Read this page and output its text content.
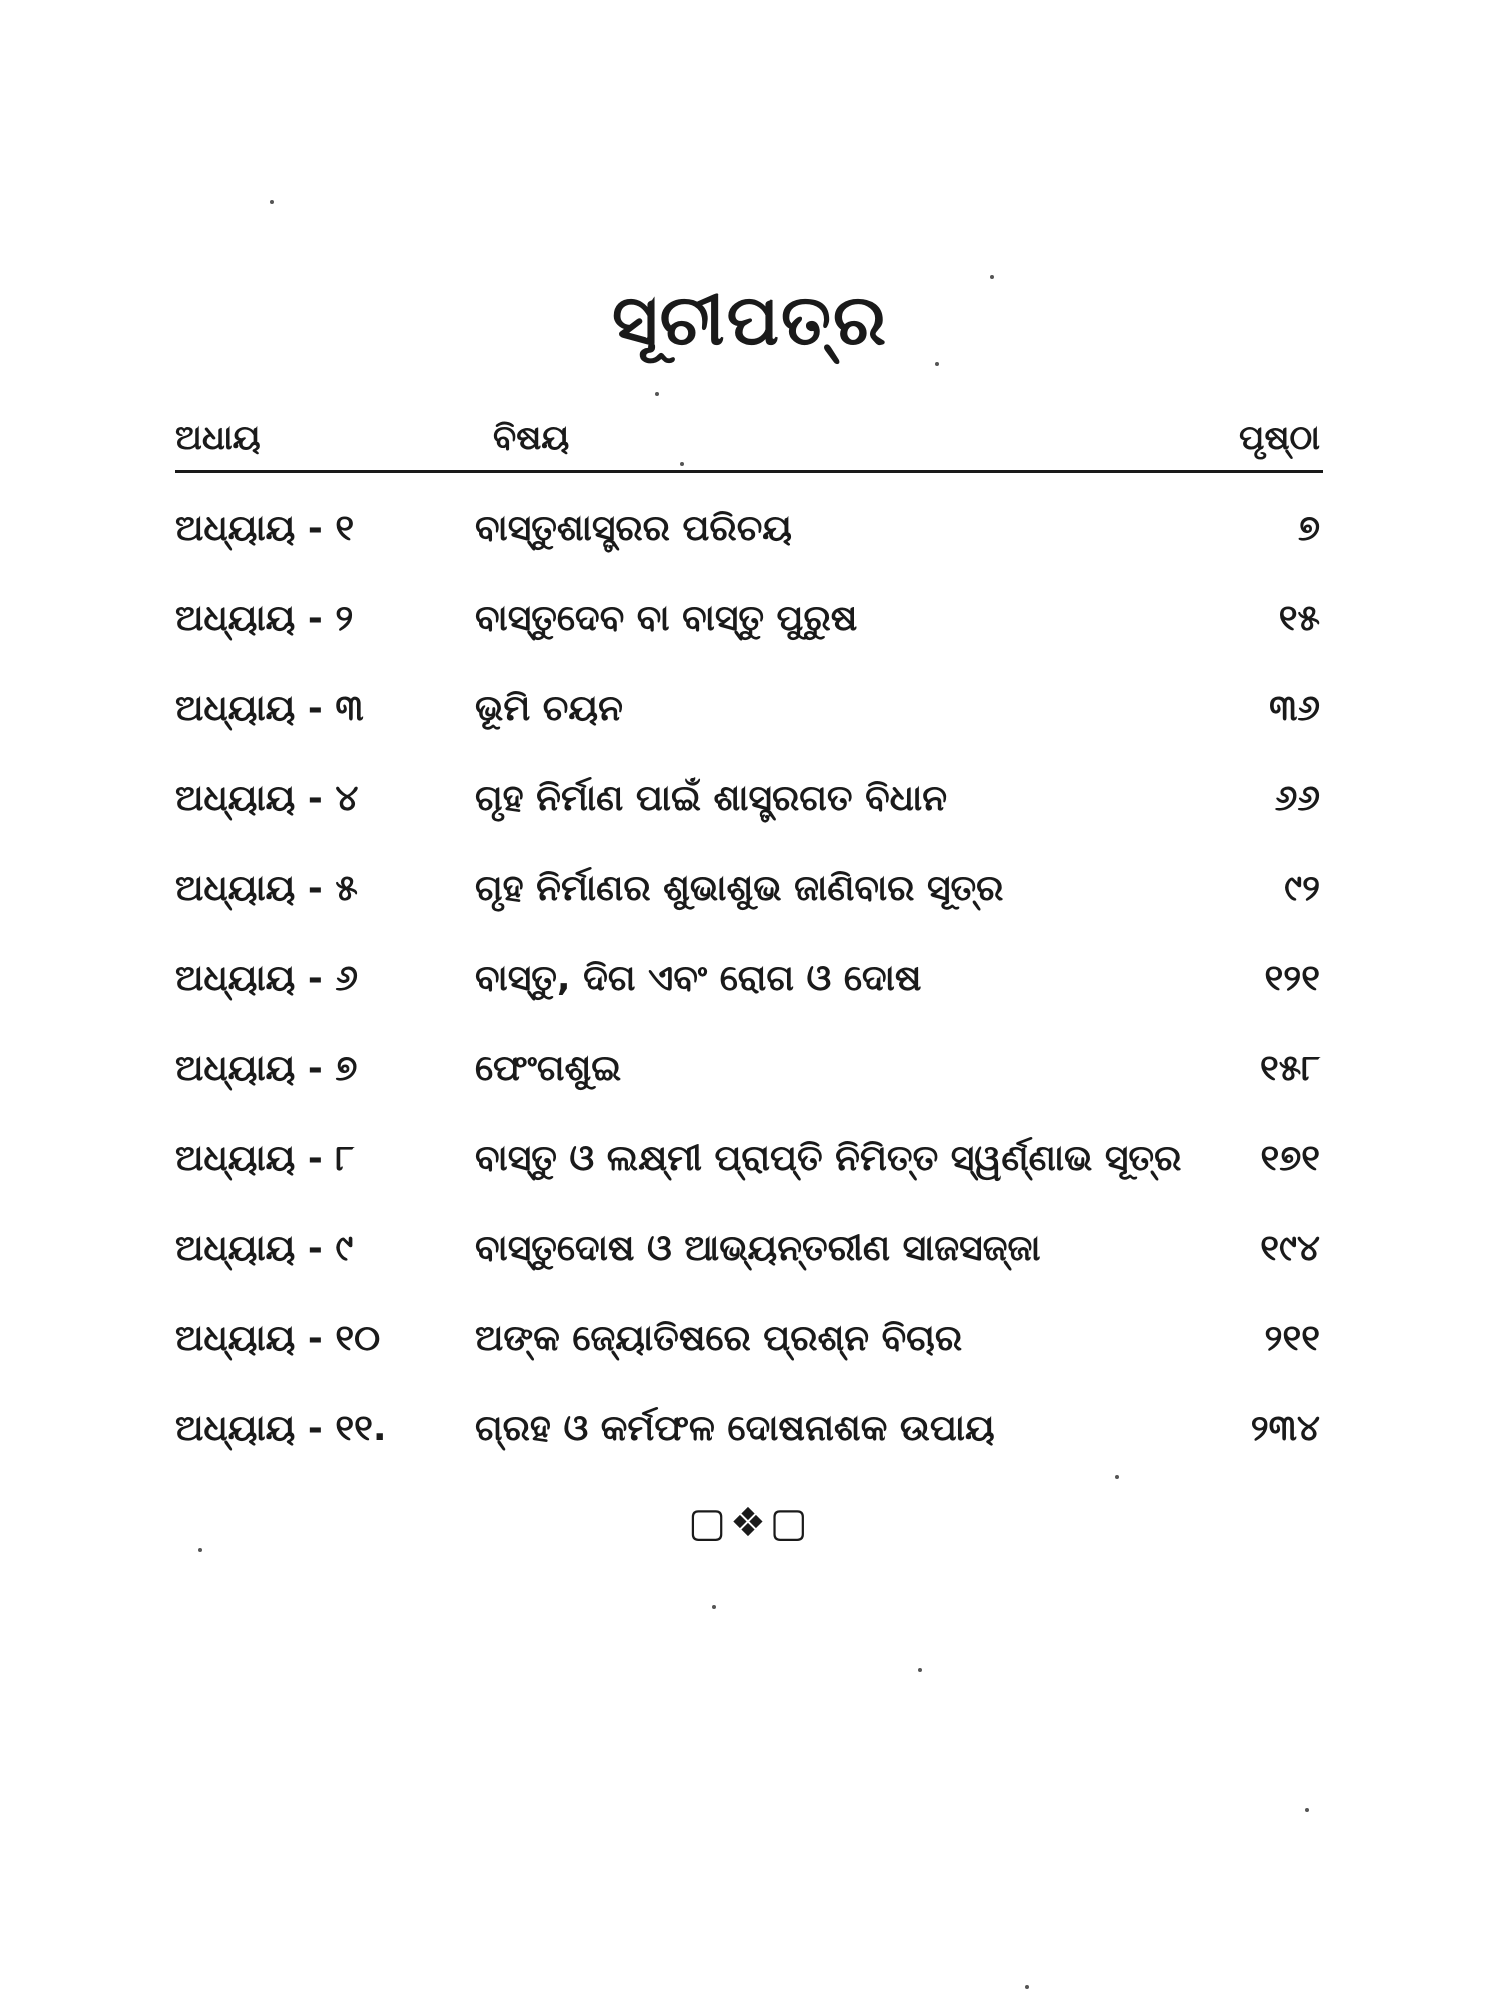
ସୂଚୀପତ୍ର
ଅଧାୟ	ବିଷୟ	ପୃଷ୍ଠା
ଅଧ୍ୟାୟ - ୧	ବାସ୍ତୁଶାସ୍ତ୍ରର ପରିଚୟ	୭
ଅଧ୍ୟାୟ - ୨	ବାସ୍ତୁଦେବ ବା ବାସ୍ତୁ ପୁରୁଷ	୧୫
ଅଧ୍ୟାୟ - ୩	ଭୂମି ଚୟନ	୩୬
ଅଧ୍ୟାୟ - ୪	ଗୃହ ନିର୍ମାଣ ପାଇଁ ଶାସ୍ତ୍ରଗତ ବିଧାନ	୬୬
ଅଧ୍ୟାୟ - ୫	ଗୃହ ନିର୍ମାଣର ଶୁଭାଶୁଭ ଜାଣିବାର ସୂତ୍ର	୯୨
ଅଧ୍ୟାୟ - ୬	ବାସ୍ତୁ, ଦିଗ ଏବଂ ରୋଗ ଓ ଦୋଷ	୧୨୧
ଅଧ୍ୟାୟ - ୭	ଫେଂଗଶୁଇ	୧୫୮
ଅଧ୍ୟାୟ - ୮	ବାସ୍ତୁ ଓ ଲକ୍ଷ୍ମୀ ପ୍ରାପ୍ତି ନିମିତ୍ତ ସ୍ୱର୍ଣ୍ଣାଭ ସୂତ୍ର ୧୭୧
ଅଧ୍ୟାୟ - ୯	ବାସ୍ତୁଦୋଷ ଓ ଆଭ୍ୟନ୍ତରୀଣ ସାଜସଜ୍ଜା	୧୯୪
ଅଧ୍ୟାୟ - ୧୦	ଅଙ୍କ ଜ୍ୟୋତିଷରେ ପ୍ରଶ୍ନ ବିଚାର	୨୧୧
ଅଧ୍ୟାୟ - ୧୧. ଗ୍ରହ ଓ କର୍ମଫଳ ଦୋଷନାଶକ ଉପାୟ	୨୩୪
▢❖▢
